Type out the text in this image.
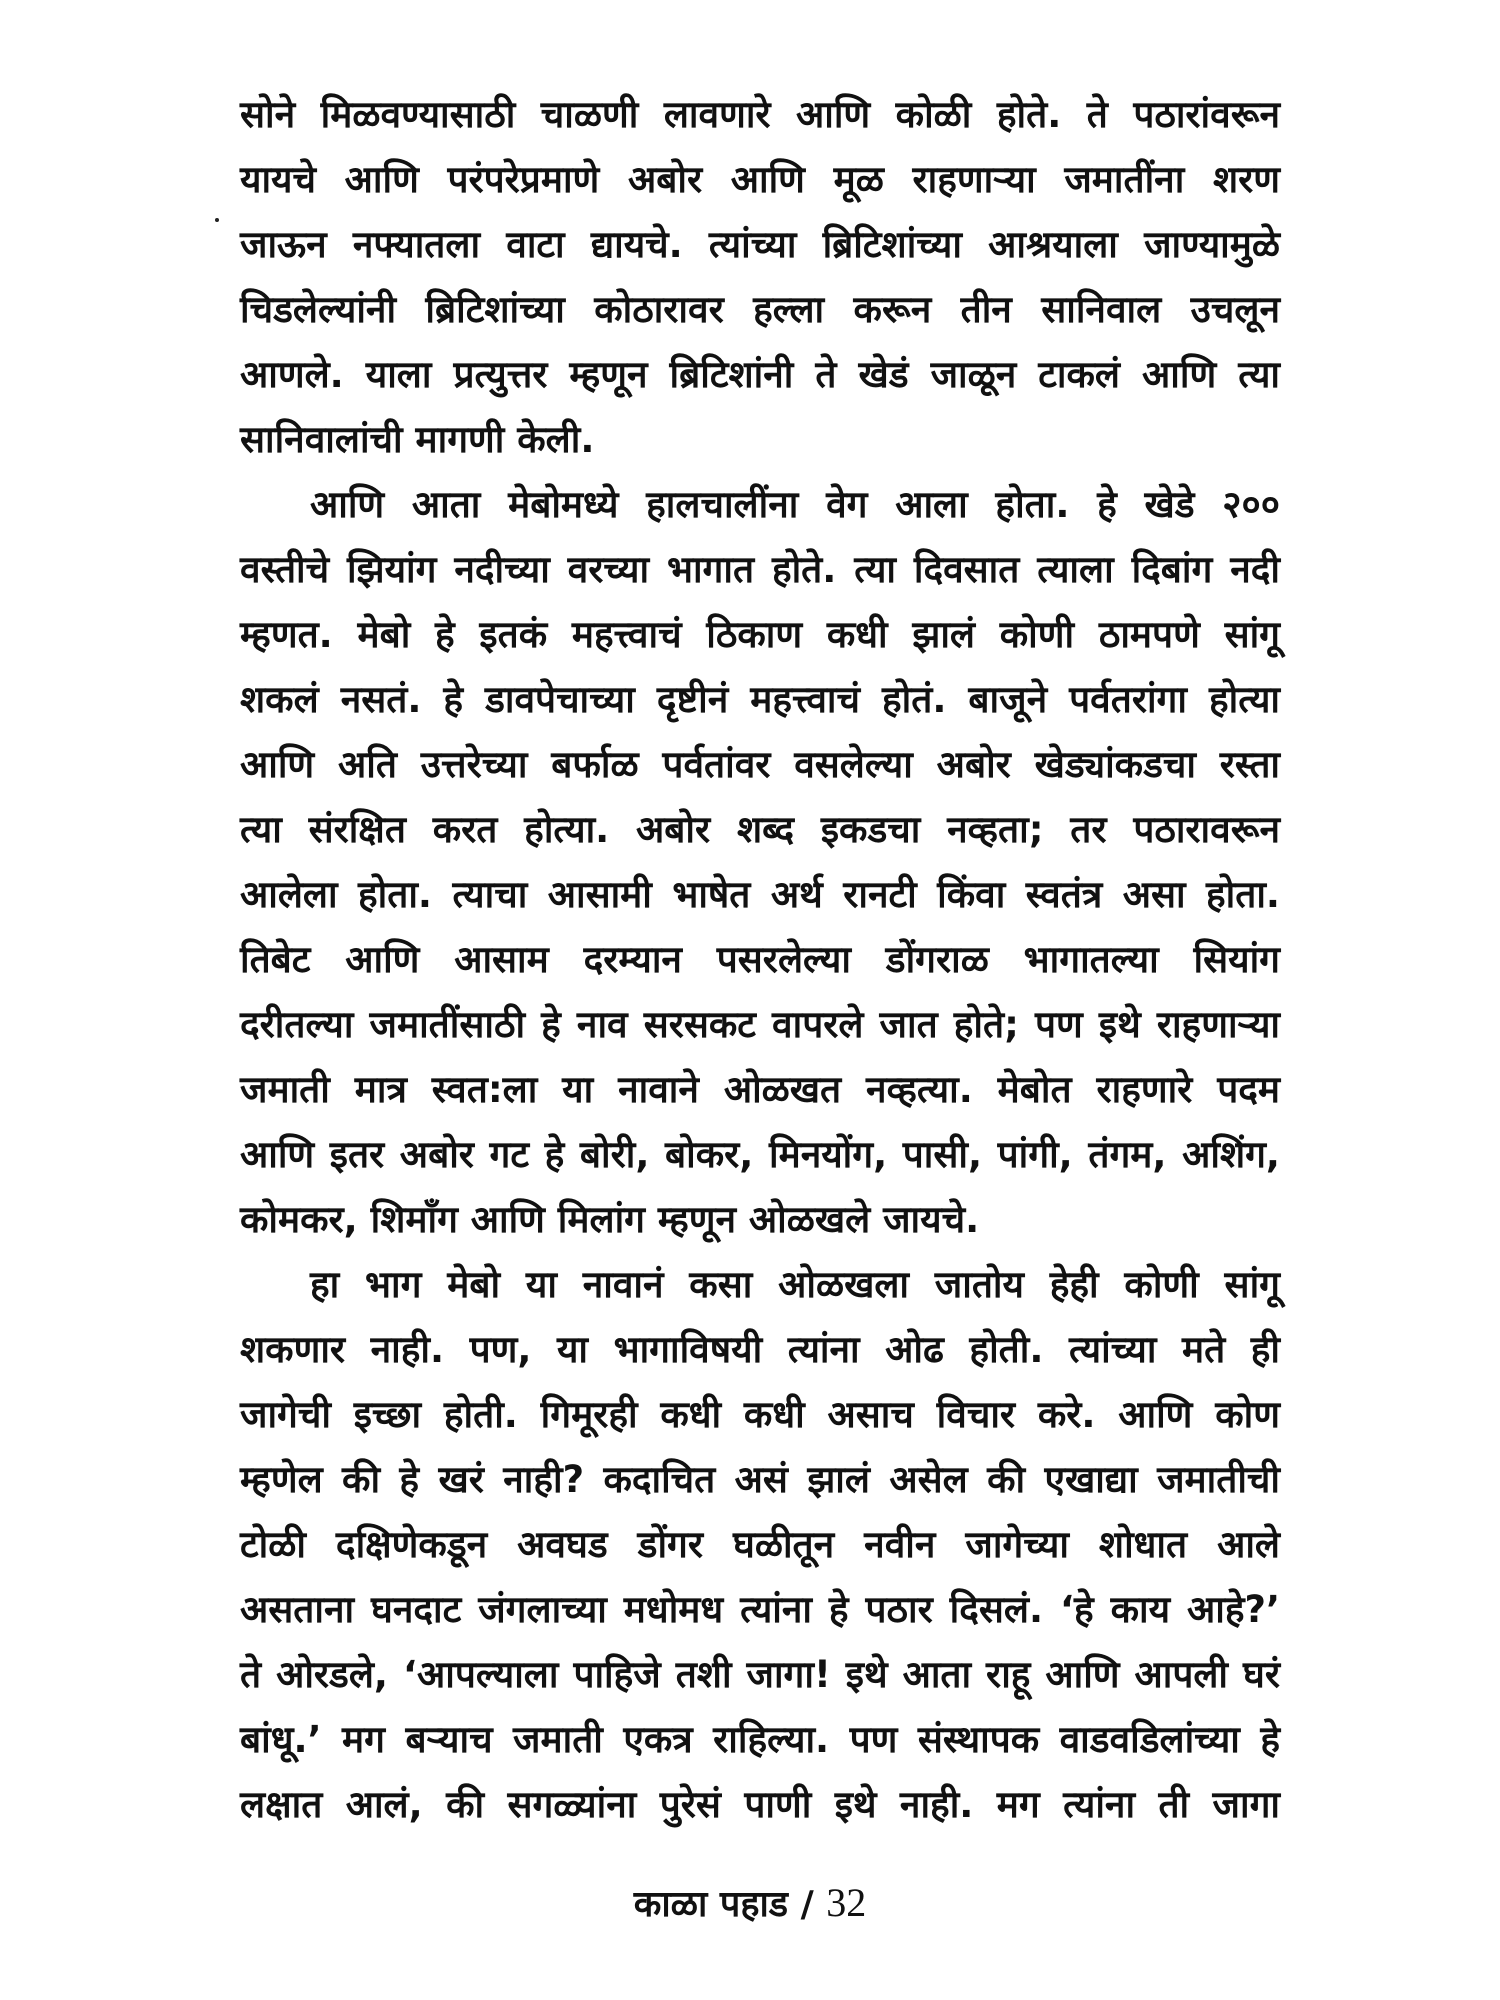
सोने मिळवण्यासाठी चाळणी लावणारे आणि कोळी होते. ते पठारांवरून
यायचे आणि परंपरेप्रमाणे अबोर आणि मूळ राहणाऱ्या जमातींना शरण
जाऊन नफ्यातला वाटा द्यायचे. त्यांच्या ब्रिटिशांच्या आश्रयाला जाण्यामुळे
चिडलेल्यांनी ब्रिटिशांच्या कोठारावर हल्ला करून तीन सानिवाल उचलून
आणले. याला प्रत्युत्तर म्हणून ब्रिटिशांनी ते खेडं जाळून टाकलं आणि त्या
सानिवालांची मागणी केली.
आणि आता मेबोमध्ये हालचालींना वेग आला होता. हे खेडे २००
वस्तीचे झियांग नदीच्या वरच्या भागात होते. त्या दिवसात त्याला दिबांग नदी
म्हणत. मेबो हे इतकं महत्त्वाचं ठिकाण कधी झालं कोणी ठामपणे सांगू
शकलं नसतं. हे डावपेचाच्या दृष्टीनं महत्त्वाचं होतं. बाजूने पर्वतरांगा होत्या
आणि अति उत्तरेच्या बर्फाळ पर्वतांवर वसलेल्या अबोर खेड्यांकडचा रस्ता
त्या संरक्षित करत होत्या. अबोर शब्द इकडचा नव्हता; तर पठारावरून
आलेला होता. त्याचा आसामी भाषेत अर्थ रानटी किंवा स्वतंत्र असा होता.
तिबेट आणि आसाम दरम्यान पसरलेल्या डोंगराळ भागातल्या सियांग
दरीतल्या जमातींसाठी हे नाव सरसकट वापरले जात होते; पण इथे राहणाऱ्या
जमाती मात्र स्वत:ला या नावाने ओळखत नव्हत्या. मेबोत राहणारे पदम
आणि इतर अबोर गट हे बोरी, बोकर, मिनयोंग, पासी, पांगी, तंगम, अशिंग,
कोमकर, शिमाँग आणि मिलांग म्हणून ओळखले जायचे.
हा भाग मेबो या नावानं कसा ओळखला जातोय हेही कोणी सांगू
शकणार नाही. पण, या भागाविषयी त्यांना ओढ होती. त्यांच्या मते ही
जागेची इच्छा होती. गिमूरही कधी कधी असाच विचार करे. आणि कोण
म्हणेल की हे खरं नाही? कदाचित असं झालं असेल की एखाद्या जमातीची
टोळी दक्षिणेकडून अवघड डोंगर घळीतून नवीन जागेच्या शोधात आले
असताना घनदाट जंगलाच्या मधोमध त्यांना हे पठार दिसलं. ‘हे काय आहे?’
ते ओरडले, ‘आपल्याला पाहिजे तशी जागा! इथे आता राहू आणि आपली घरं
बांधू.’ मग बऱ्याच जमाती एकत्र राहिल्या. पण संस्थापक वाडवडिलांच्या हे
लक्षात आलं, की सगळ्यांना पुरेसं पाणी इथे नाही. मग त्यांना ती जागा
काळा पहाड / 32
